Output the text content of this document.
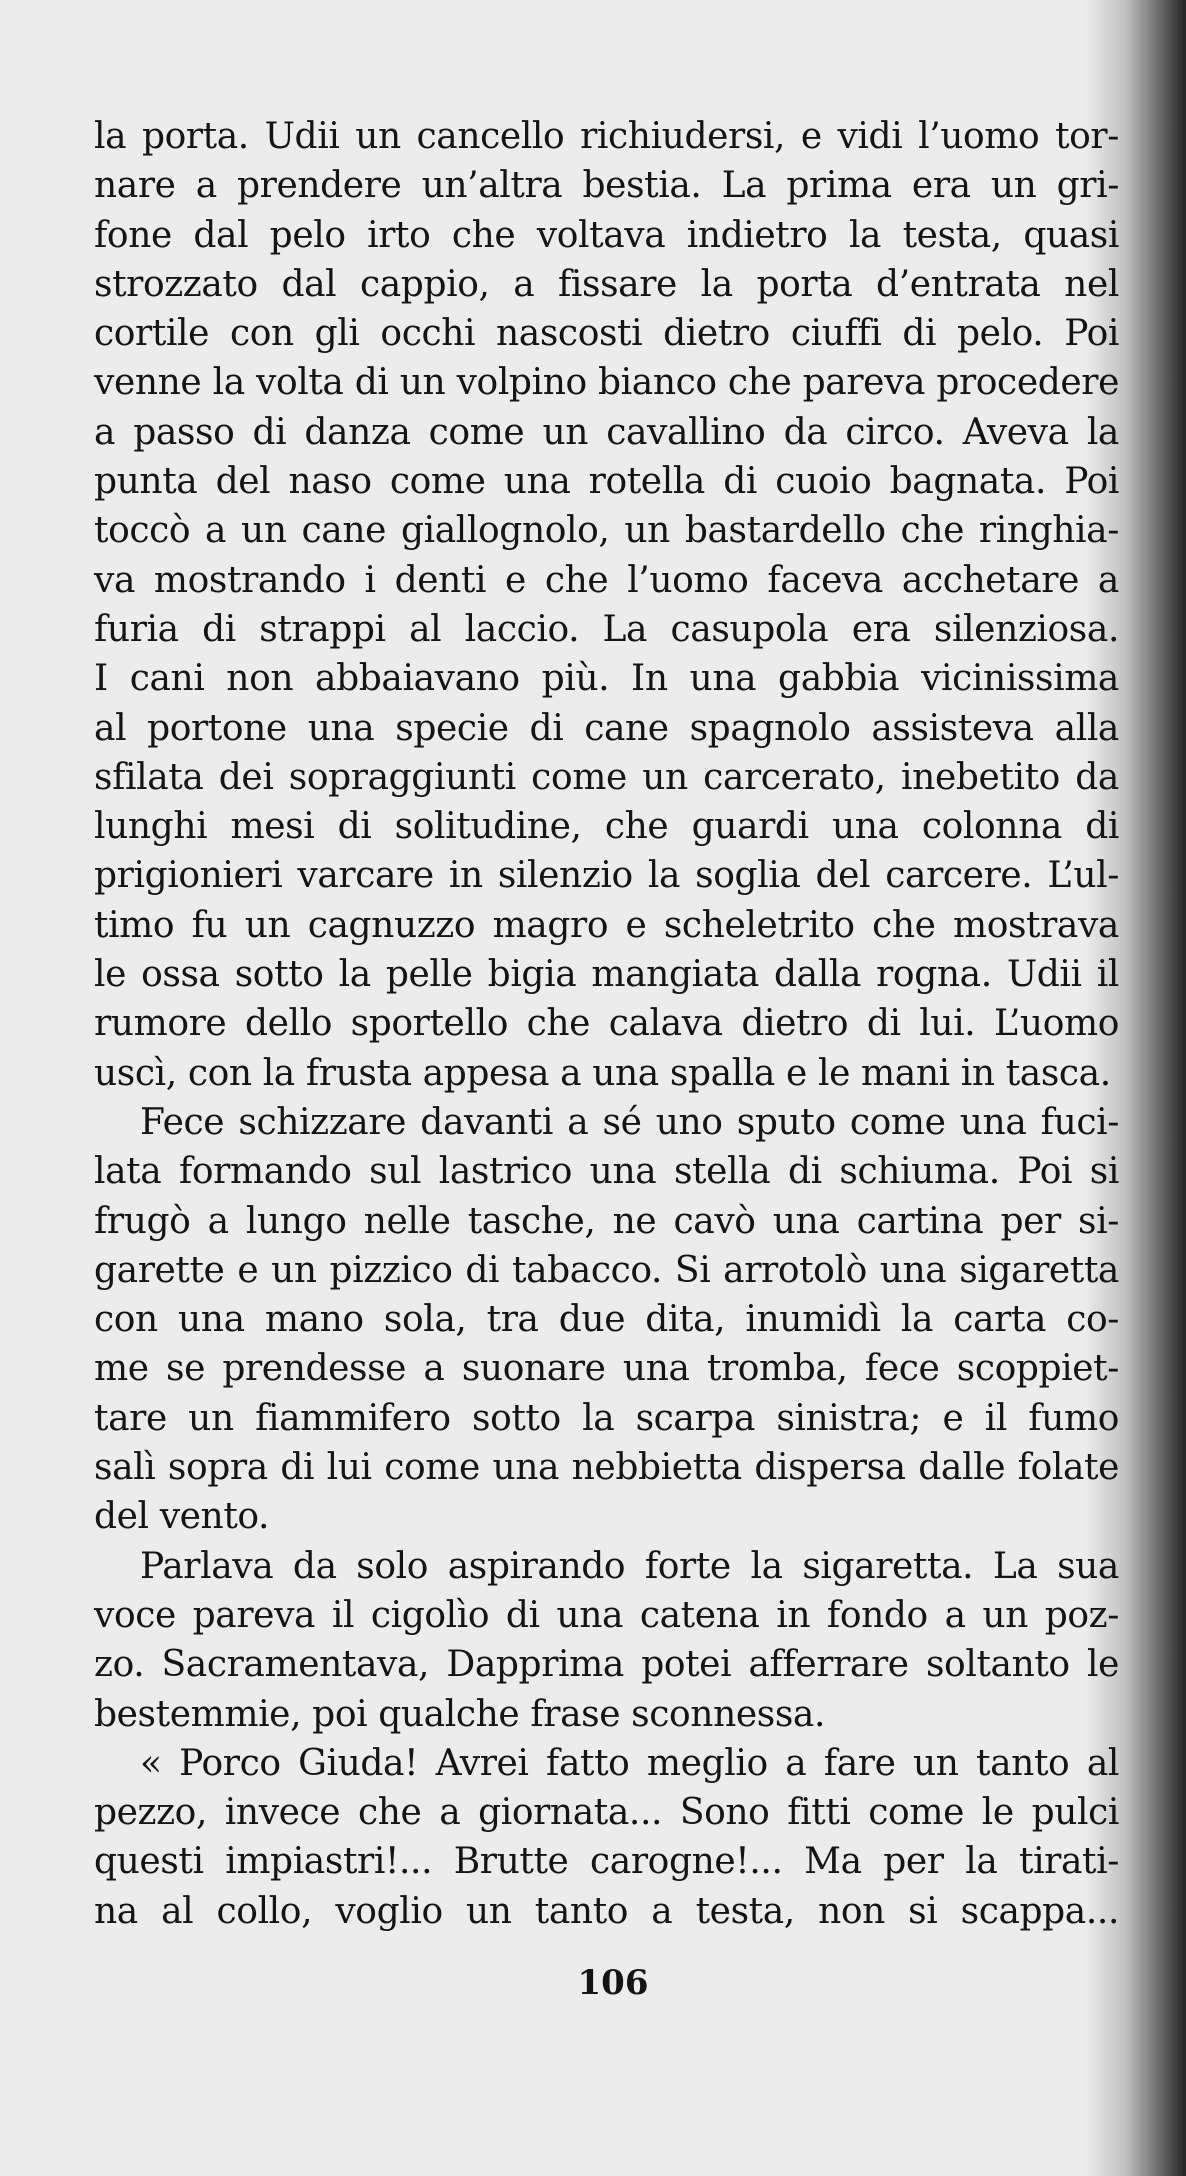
la porta. Udii un cancello richiudersi, e vidi l’uomo tor-
nare a prendere un’altra bestia. La prima era un gri-
fone dal pelo irto che voltava indietro la testa, quasi
strozzato dal cappio, a fissare la porta d’entrata nel
cortile con gli occhi nascosti dietro ciuffi di pelo. Poi
venne la volta di un volpino bianco che pareva procedere
a passo di danza come un cavallino da circo. Aveva la
punta del naso come una rotella di cuoio bagnata. Poi
toccò a un cane giallognolo, un bastardello che ringhia-
va mostrando i denti e che l’uomo faceva acchetare a
furia di strappi al laccio. La casupola era silenziosa.
I cani non abbaiavano più. In una gabbia vicinissima
al portone una specie di cane spagnolo assisteva alla
sfilata dei sopraggiunti come un carcerato, inebetito da
lunghi mesi di solitudine, che guardi una colonna di
prigionieri varcare in silenzio la soglia del carcere. L’ul-
timo fu un cagnuzzo magro e scheletrito che mostrava
le ossa sotto la pelle bigia mangiata dalla rogna. Udii il
rumore dello sportello che calava dietro di lui. L’uomo
uscì, con la frusta appesa a una spalla e le mani in tasca.
Fece schizzare davanti a sé uno sputo come una fuci-
lata formando sul lastrico una stella di schiuma. Poi si
frugò a lungo nelle tasche, ne cavò una cartina per si-
garette e un pizzico di tabacco. Si arrotolò una sigaretta
con una mano sola, tra due dita, inumidì la carta co-
me se prendesse a suonare una tromba, fece scoppiet-
tare un fiammifero sotto la scarpa sinistra; e il fumo
salì sopra di lui come una nebbietta dispersa dalle folate
del vento.
Parlava da solo aspirando forte la sigaretta. La sua
voce pareva il cigolìo di una catena in fondo a un poz-
zo. Sacramentava, Dapprima potei afferrare soltanto le
bestemmie, poi qualche frase sconnessa.
« Porco Giuda! Avrei fatto meglio a fare un tanto al
pezzo, invece che a giornata... Sono fitti come le pulci
questi impiastri!... Brutte carogne!... Ma per la tirati-
na al collo, voglio un tanto a testa, non si scappa...
106
